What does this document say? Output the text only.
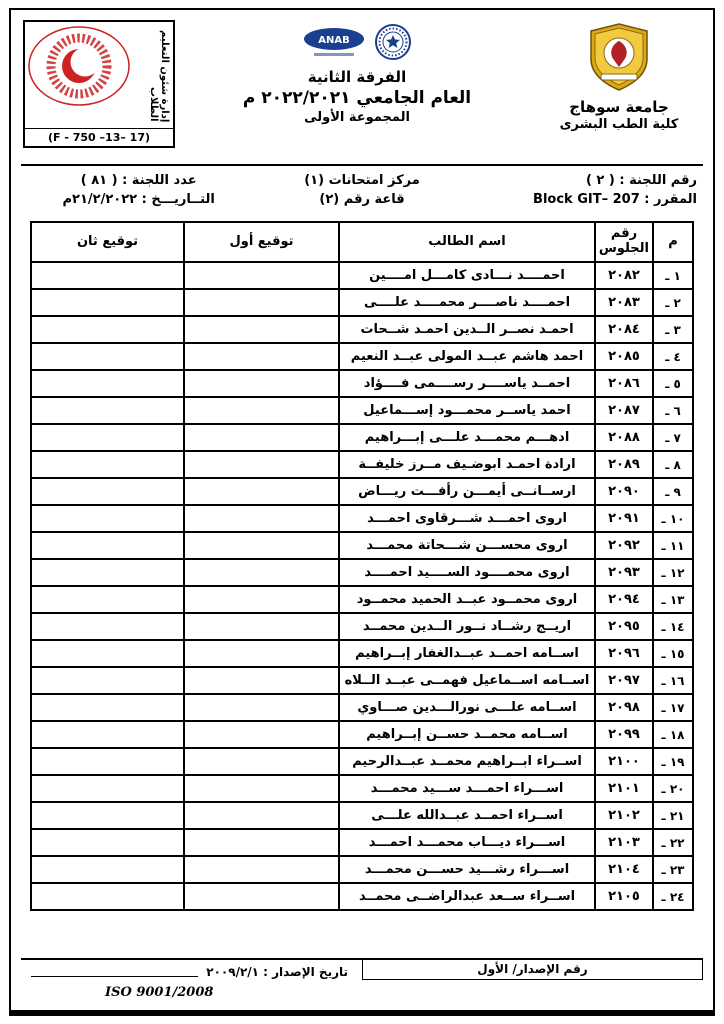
جامعة سوهاج
كلية الطب البشرى
ANAB
الفرقة الثانية
العام الجامعي ٢٠٢٢/٢٠٢١ م
المجموعة الأولى
إدارة شئون التعليم الطلاب
(F - 750 –13– 17)
رقم اللجنة : ( ٢ )
مركز امتحانات (١)
عدد اللجنة : ( ٨١ )
المقرر : Block GIT– 207
قاعة رقم (٢)
التــاريـــخ : ٢١/٢/٢٠٢٢م
م	رقم الجلوس	اسم الطالب	توقيع أول	توقيع ثان
١ ـ	٢٠٨٢	احمــــد نـــادى كامـــل امــــين		
٢ ـ	٢٠٨٣	احمــــد ناصــــر محمــــد علــــى		
٣ ـ	٢٠٨٤	احمـد نصــر الــدين احمـد شــحات		
٤ ـ	٢٠٨٥	احمد هاشم عبــد المولى عبــد النعيم		
٥ ـ	٢٠٨٦	احمــد ياســــر رســــمى فــــؤاد		
٦ ـ	٢٠٨٧	احمد ياســر محمـــود إســـماعيل		
٧ ـ	٢٠٨٨	ادهـــم محمـــد علـــى إبـــراهيم		
٨ ـ	٢٠٨٩	ارادة احمـد ابوضـيف مــرز خليفــة		
٩ ـ	٢٠٩٠	ارســانــى أيمـــن رأفـــت ريـــاض		
١٠ ـ	٢٠٩١	اروى احمـــد شـــرقاوى احمـــد		
١١ ـ	٢٠٩٢	اروى محســـن شـــحاتة محمـــد		
١٢ ـ	٢٠٩٣	اروى محمــــود الســــيد احمــــد		
١٣ ـ	٢٠٩٤	اروى محمــود عبــد الحميد محمــود		
١٤ ـ	٢٠٩٥	اريــج رشــاد نــور الــدين محمــد		
١٥ ـ	٢٠٩٦	اســامه احمــد عبــدالغفار إبــراهيم		
١٦ ـ	٢٠٩٧	اســامه اســماعيل فهمــى عبــد الــلاه		
١٧ ـ	٢٠٩٨	اســامه علـــى نورالـــدين صـــاوي		
١٨ ـ	٢٠٩٩	اســامه محمــد حســن إبــراهيم		
١٩ ـ	٢١٠٠	اســراء ابــراهيم محمــد عبــدالرحيم		
٢٠ ـ	٢١٠١	اســـراء احمـــد ســـيد محمـــد		
٢١ ـ	٢١٠٢	اســراء احمــد عبــدالله علـــى		
٢٢ ـ	٢١٠٣	اســـراء ديـــاب محمـــد احمـــد		
٢٣ ـ	٢١٠٤	اســـراء رشـــيد حســـن محمـــد		
٢٤ ـ	٢١٠٥	اســراء ســعد عبدالراضــى محمــد		
رقم الإصدار/ الأول
تاريخ الإصدار : ٢٠٠٩/٢/١
ISO 9001/2008
